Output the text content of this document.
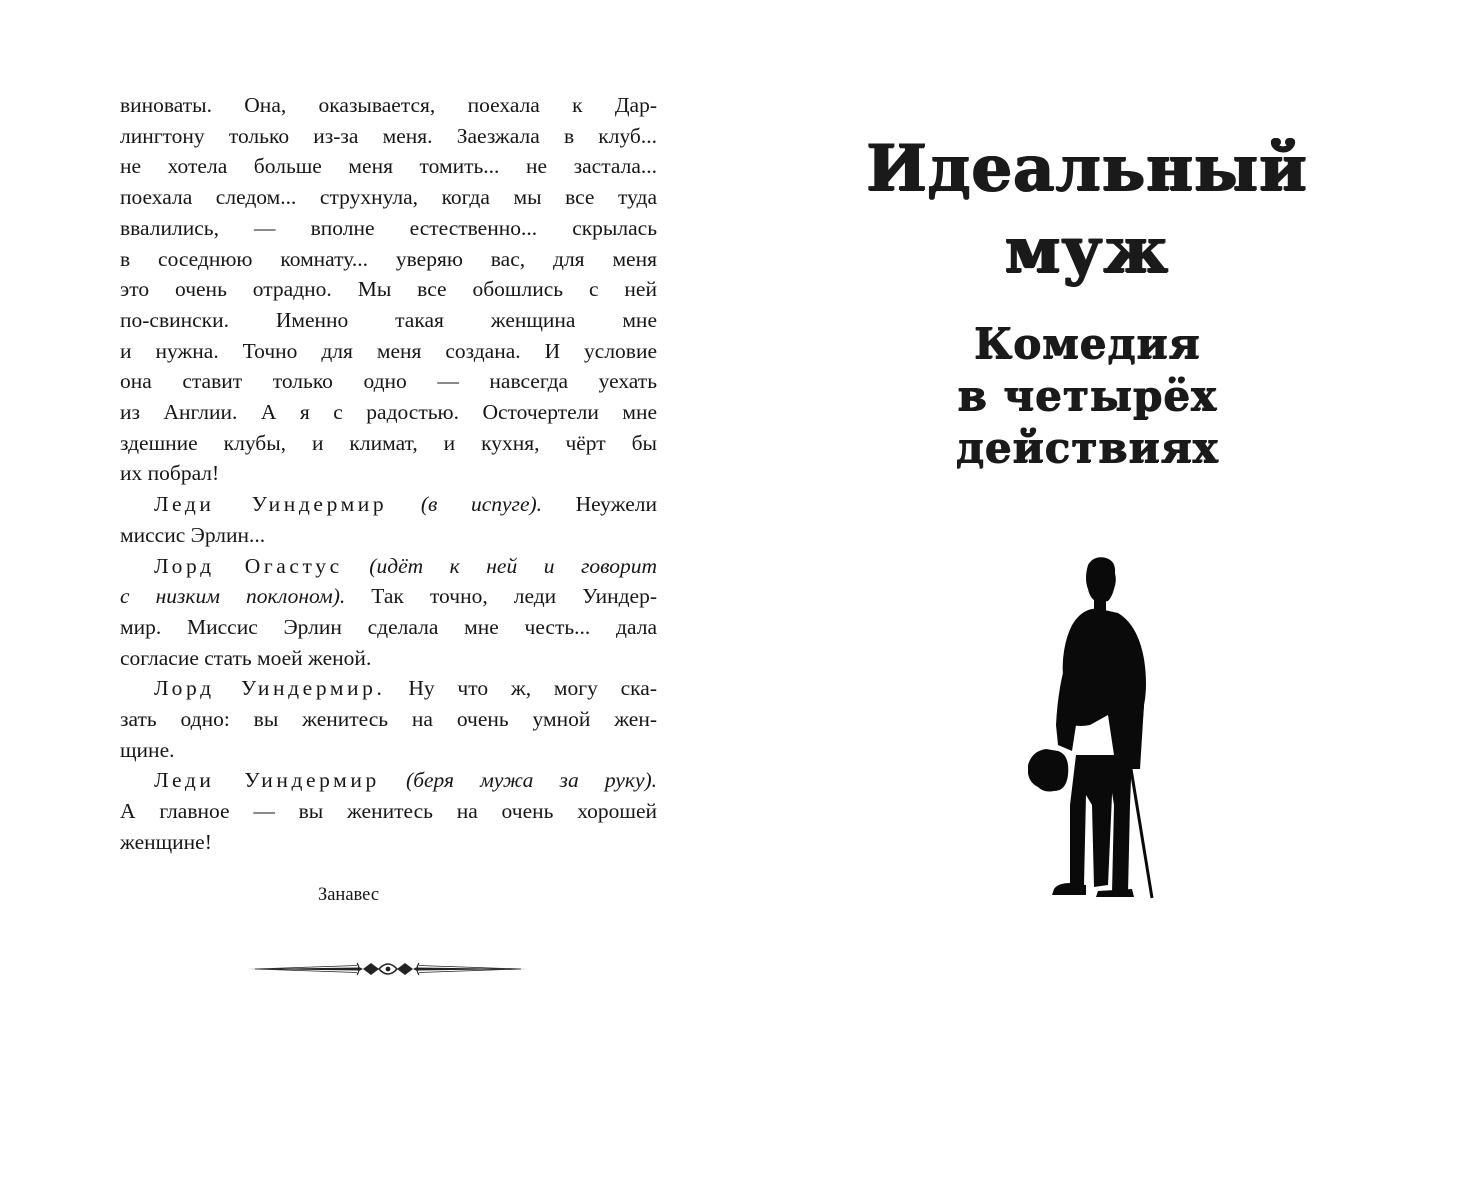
виноваты. Она, оказывается, поехала к Дар-
лингтону только из-за меня. Заезжала в клуб...
не хотела больше меня томить... не застала...
поехала следом... струхнула, когда мы все туда
ввалились, — вполне естественно... скрылась
в соседнюю комнату... уверяю вас, для меня
это очень отрадно. Мы все обошлись с ней
по-свински. Именно такая женщина мне
и нужна. Точно для меня создана. И условие
она ставит только одно — навсегда уехать
из Англии. А я с радостью. Осточертели мне
здешние клубы, и климат, и кухня, чёрт бы
их побрал!
Леди Уиндермир (в испуге). Неужели
миссис Эрлин...
Лорд Огастус (идёт к ней и говорит
с низким поклоном). Так точно, леди Уиндер-
мир. Миссис Эрлин сделала мне честь... дала
согласие стать моей женой.
Лорд Уиндермир. Ну что ж, могу ска-
зать одно: вы женитесь на очень умной жен-
щине.
Леди Уиндермир (беря мужа за руку).
А главное — вы женитесь на очень хорошей
женщине!
Занавес
Идеальный
муж
Комедия
в четырёх
действиях
